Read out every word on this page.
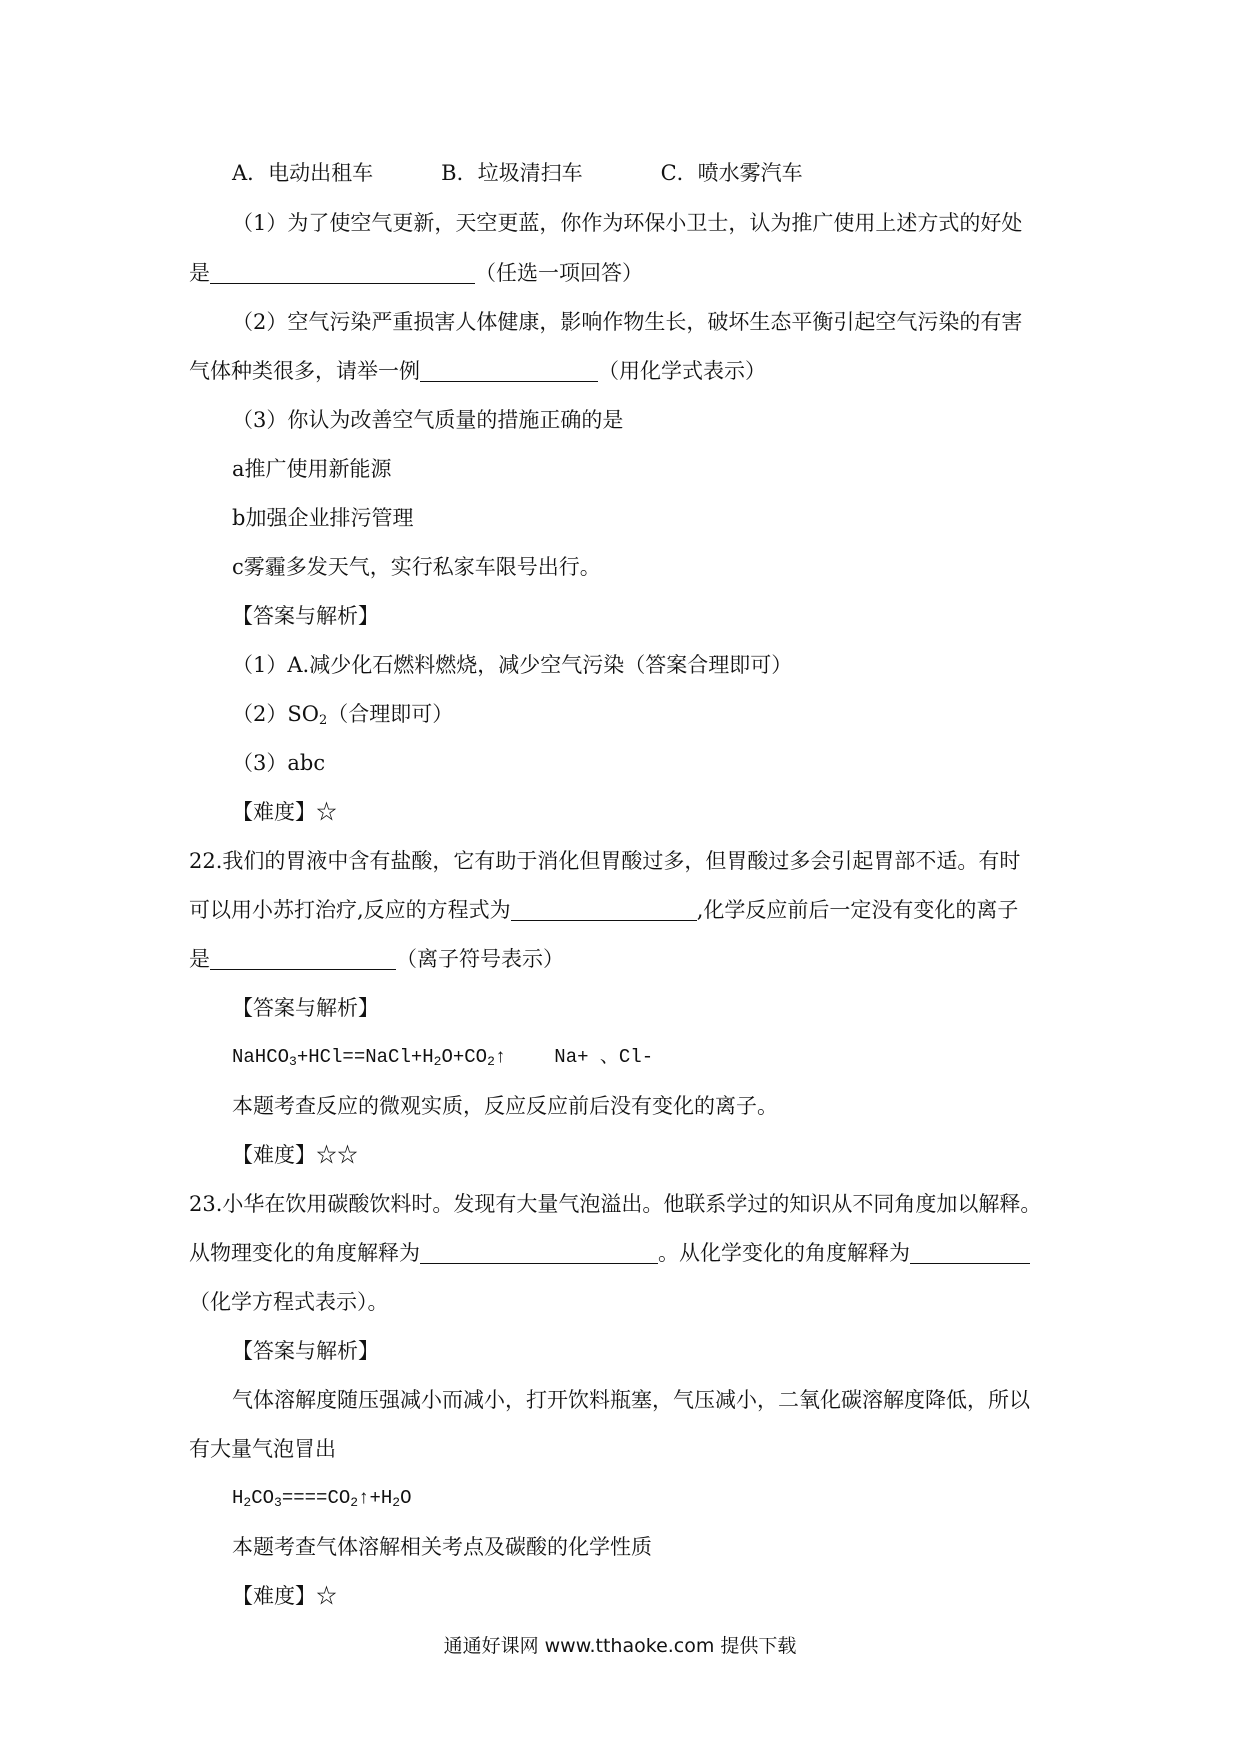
A．电动出租车	B．垃圾清扫车	C．喷水雾汽车
（1）为了使空气更新，天空更蓝，你作为环保小卫士，认为推广使用上述方式的好处
是	（任选一项回答）
（2）空气污染严重损害人体健康，影响作物生长，破坏生态平衡引起空气污染的有害
气体种类很多，请举一例	（用化学式表示）
（3）你认为改善空气质量的措施正确的是
a推广使用新能源
b加强企业排污管理
c雾霾多发天气，实行私家车限号出行。
【答案与解析】
（1）A.减少化石燃料燃烧，减少空气污染（答案合理即可）
$(2)SO_2$（合理即可）
（3）abc
【难度】☆
22.我们的胃液中含有盐酸，它有助于消化但胃酸过多，但胃酸过多会引起胃部不适。有时
可以用小苏打治疗,反应的方程式为	,化学反应前后一定没有变化的离子
是	（离子符号表示）
【答案与解析】
$NaHCO_3+HCl==NaCl+H_2O+CO_2↑$	Na+ 、Cl-
本题考查反应的微观实质，反应反应前后没有变化的离子。
【难度】☆☆
23.小华在饮用碳酸饮料时。发现有大量气泡溢出。他联系学过的知识从不同角度加以解释。
从物理变化的角度解释为	。从化学变化的角度解释为
（化学方程式表示）。
【答案与解析】
气体溶解度随压强减小而减小，打开饮料瓶塞，气压减小，二氧化碳溶解度降低，所以
有大量气泡冒出
$H_2CO_3====CO_2↑+H_2O$
本题考查气体溶解相关考点及碳酸的化学性质
【难度】☆
通通好课网 www.tthaoke.com 提供下载
